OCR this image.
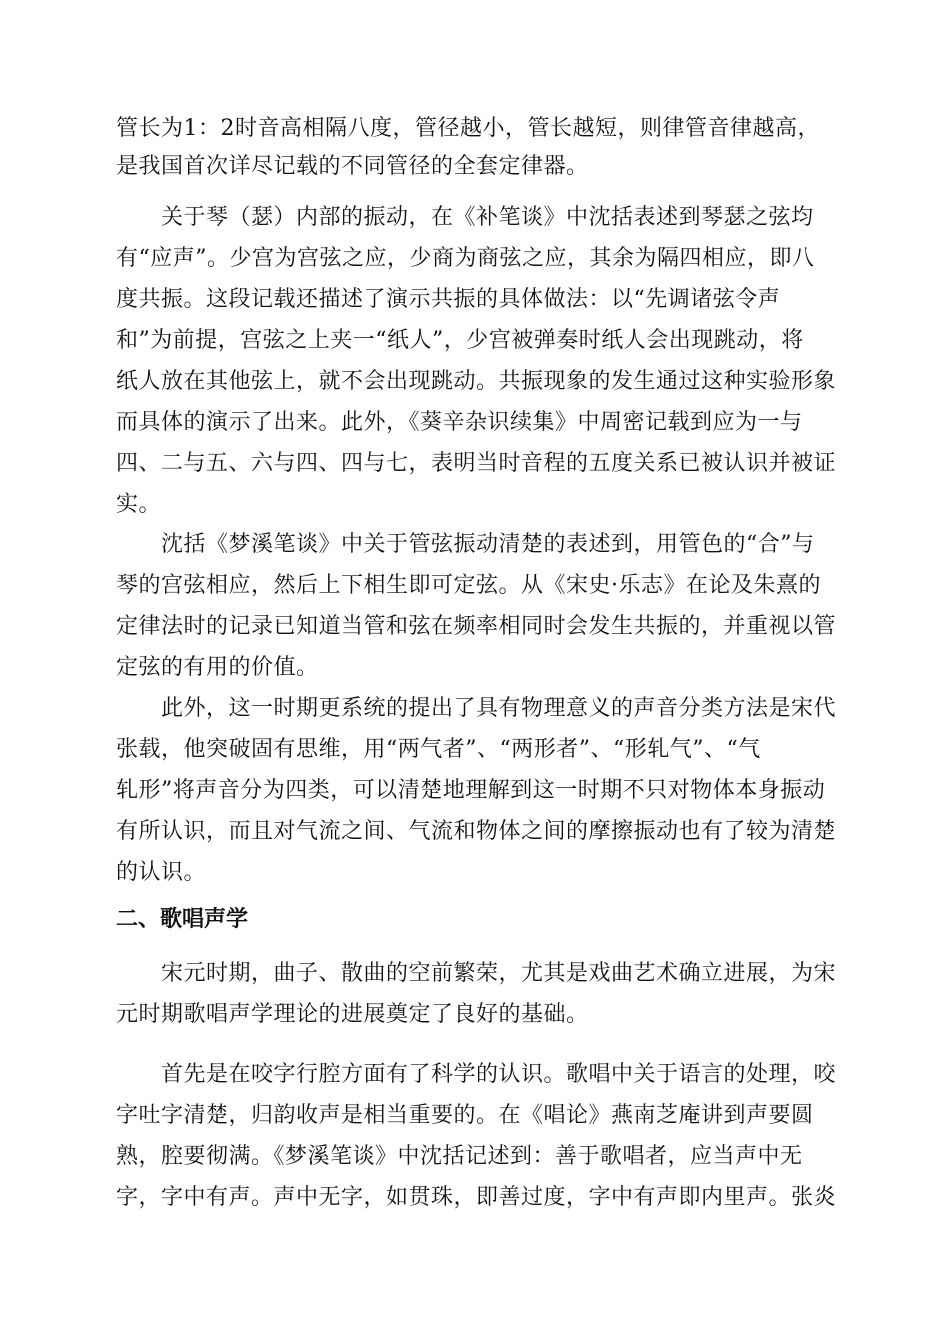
管长为1：2时音高相隔八度，管径越小，管长越短，则律管音律越高，
是我国首次详尽记载的不同管径的全套定律器。
关于琴（瑟）内部的振动，在《补笔谈》中沈括表述到琴瑟之弦均
有“应声”。少宫为宫弦之应，少商为商弦之应，其余为隔四相应，即八
度共振。这段记载还描述了演示共振的具体做法：以“先调诸弦令声
和”为前提，宫弦之上夹一“纸人”，少宫被弹奏时纸人会出现跳动，将
纸人放在其他弦上，就不会出现跳动。共振现象的发生通过这种实验形象
而具体的演示了出来。此外，《葵辛杂识续集》中周密记载到应为一与
四、二与五、六与四、四与七，表明当时音程的五度关系已被认识并被证
实。
沈括《梦溪笔谈》中关于管弦振动清楚的表述到，用管色的“合”与
琴的宫弦相应，然后上下相生即可定弦。从《宋史·乐志》在论及朱熹的
定律法时的记录已知道当管和弦在频率相同时会发生共振的，并重视以管
定弦的有用的价值。
此外，这一时期更系统的提出了具有物理意义的声音分类方法是宋代
张载，他突破固有思维，用“两气者”、“两形者”、“形轧气”、“气
轧形”将声音分为四类，可以清楚地理解到这一时期不只对物体本身振动
有所认识，而且对气流之间、气流和物体之间的摩擦振动也有了较为清楚
的认识。
二、歌唱声学
宋元时期，曲子、散曲的空前繁荣，尤其是戏曲艺术确立进展，为宋
元时期歌唱声学理论的进展奠定了良好的基础。
首先是在咬字行腔方面有了科学的认识。歌唱中关于语言的处理，咬
字吐字清楚，归韵收声是相当重要的。在《唱论》燕南芝庵讲到声要圆
熟，腔要彻满。《梦溪笔谈》中沈括记述到：善于歌唱者，应当声中无
字，字中有声。声中无字，如贯珠，即善过度，字中有声即内里声。张炎
